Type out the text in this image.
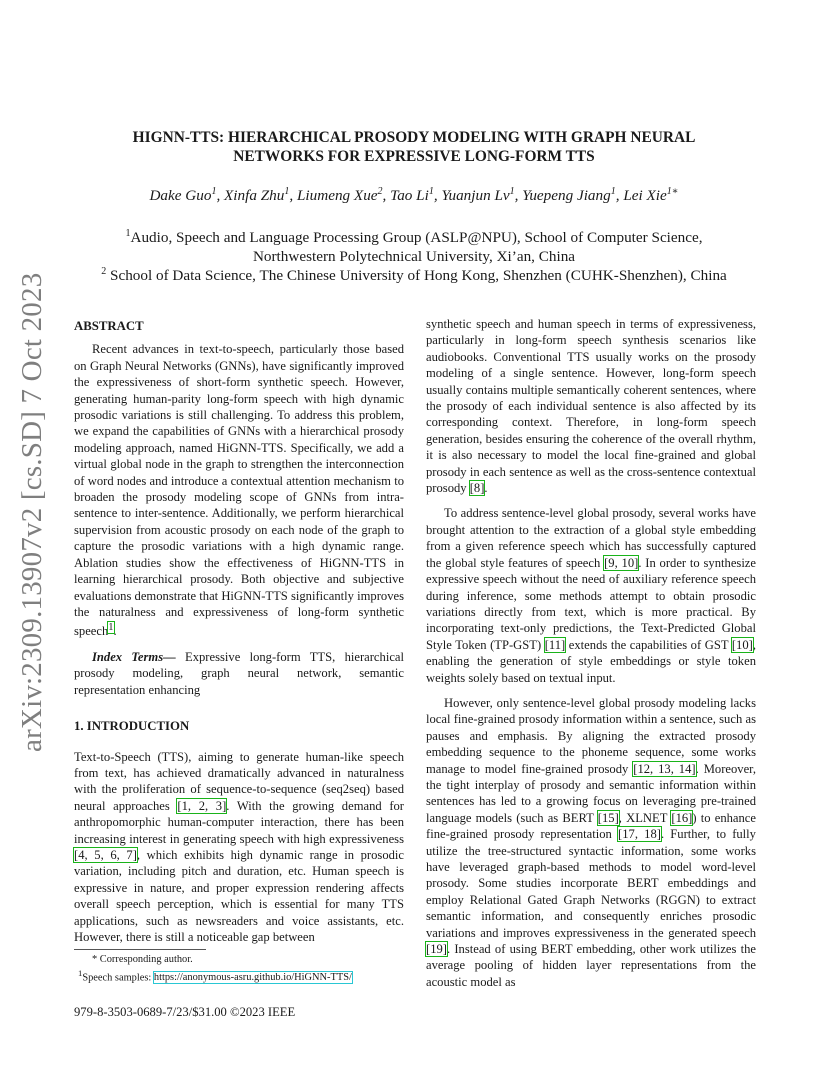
arXiv:2309.13907v2 [cs.SD] 7 Oct 2023
HIGNN-TTS: HIERARCHICAL PROSODY MODELING WITH GRAPH NEURAL
NETWORKS FOR EXPRESSIVE LONG-FORM TTS
Dake Guo$^1$, Xinfa Zhu$^1$, Liumeng Xue$^2$, Tao Li$^1$, Yuanjun Lv$^1$, Yuepeng Jiang$^1$, Lei Xie$^{1∗}$
$^1$Audio, Speech and Language Processing Group (ASLP@NPU), School of Computer Science,
Northwestern Polytechnical University, Xi’an, China
$^2$ School of Data Science, The Chinese University of Hong Kong, Shenzhen (CUHK-Shenzhen), China

ABSTRACT

Recent advances in text-to-speech, particularly those based on Graph Neural Networks (GNNs), have significantly improved the expressiveness of short-form synthetic speech. However, generating human-parity long-form speech with high dynamic prosodic variations is still challenging. To address this problem, we expand the capabilities of GNNs with a hierarchical prosody modeling approach, named HiGNN-TTS. Specifically, we add a virtual global node in the graph to strengthen the interconnection of word nodes and introduce a contextual attention mechanism to broaden the prosody modeling scope of GNNs from intra-sentence to inter-sentence. Additionally, we perform hierarchical supervision from acoustic prosody on each node of the graph to capture the prosodic variations with a high dynamic range. Ablation studies show the effectiveness of HiGNN-TTS in learning hierarchical prosody. Both objective and subjective evaluations demonstrate that HiGNN-TTS significantly improves the naturalness and expressiveness of long-form synthetic speech$^1$.

Index Terms— Expressive long-form TTS, hierarchical prosody modeling, graph neural network, semantic representation enhancing

1. INTRODUCTION

Text-to-Speech (TTS), aiming to generate human-like speech from text, has achieved dramatically advanced in naturalness with the proliferation of sequence-to-sequence (seq2seq) based neural approaches [1, 2, 3]. With the growing demand for anthropomorphic human-computer interaction, there has been increasing interest in generating speech with high expressiveness [4, 5, 6, 7], which exhibits high dynamic range in prosodic variation, including pitch and duration, etc. Human speech is expressive in nature, and proper expression rendering affects overall speech perception, which is essential for many TTS applications, such as newsreaders and voice assistants, etc. However, there is still a noticeable gap between

synthetic speech and human speech in terms of expressiveness, particularly in long-form speech synthesis scenarios like audiobooks. Conventional TTS usually works on the prosody modeling of a single sentence. However, long-form speech usually contains multiple semantically coherent sentences, where the prosody of each individual sentence is also affected by its corresponding context. Therefore, in long-form speech generation, besides ensuring the coherence of the overall rhythm, it is also necessary to model the local fine-grained and global prosody in each sentence as well as the cross-sentence contextual prosody [8].

To address sentence-level global prosody, several works have brought attention to the extraction of a global style embedding from a given reference speech which has successfully captured the global style features of speech [9, 10]. In order to synthesize expressive speech without the need of auxiliary reference speech during inference, some methods attempt to obtain prosodic variations directly from text, which is more practical. By incorporating text-only predictions, the Text-Predicted Global Style Token (TP-GST) [11] extends the capabilities of GST [10], enabling the generation of style embeddings or style token weights solely based on textual input.

However, only sentence-level global prosody modeling lacks local fine-grained prosody information within a sentence, such as pauses and emphasis. By aligning the extracted prosody embedding sequence to the phoneme sequence, some works manage to model fine-grained prosody [12, 13, 14]. Moreover, the tight interplay of prosody and semantic information within sentences has led to a growing focus on leveraging pre-trained language models (such as BERT [15], XLNET [16]) to enhance fine-grained prosody representation [17, 18]. Further, to fully utilize the tree-structured syntactic information, some works have leveraged graph-based methods to model word-level prosody. Some studies incorporate BERT embeddings and employ Relational Gated Graph Networks (RGGN) to extract semantic information, and consequently enriches prosodic variations and improves expressiveness in the generated speech [19]. Instead of using BERT embedding, other work utilizes the average pooling of hidden layer representations from the acoustic model as

* Corresponding author.
$^1$Speech samples: https://anonymous-asru.github.io/HiGNN-TTS/
979-8-3503-0689-7/23/$31.00 ©2023 IEEE
